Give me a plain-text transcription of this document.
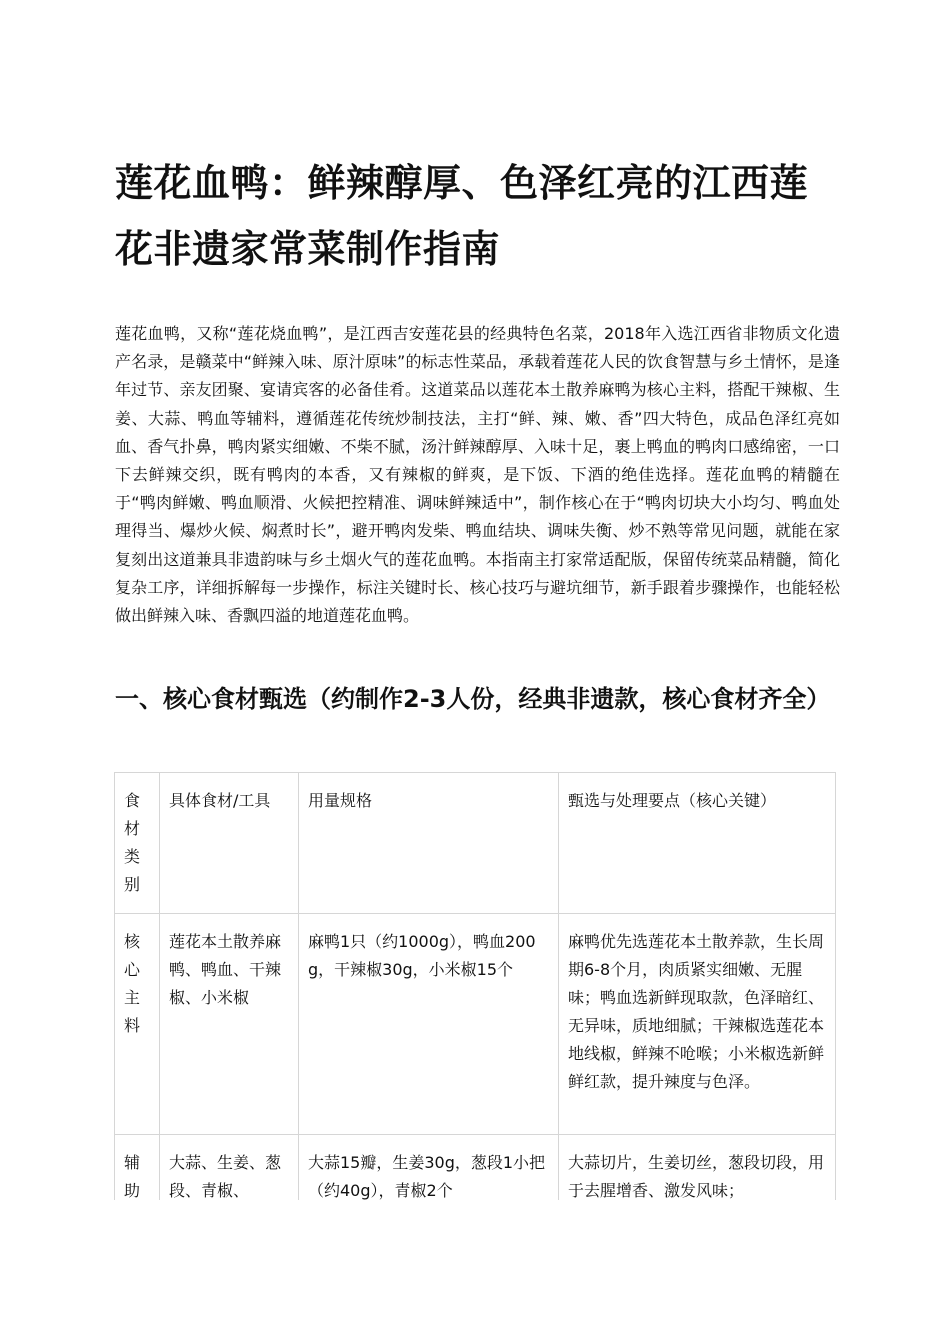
莲花血鸭：鲜辣醇厚、色泽红亮的江西莲花非遗家常菜制作指南

莲花血鸭，又称“莲花烧血鸭”，是江西吉安莲花县的经典特色名菜，2018年入选江西省非物质文化遗产名录，是赣菜中“鲜辣入味、原汁原味”的标志性菜品，承载着莲花人民的饮食智慧与乡土情怀，是逢年过节、亲友团聚、宴请宾客的必备佳肴。这道菜品以莲花本土散养麻鸭为核心主料，搭配干辣椒、生姜、大蒜、鸭血等辅料，遵循莲花传统炒制技法，主打“鲜、辣、嫩、香”四大特色，成品色泽红亮如血、香气扑鼻，鸭肉紧实细嫩、不柴不腻，汤汁鲜辣醇厚、入味十足，裹上鸭血的鸭肉口感绵密，一口下去鲜辣交织，既有鸭肉的本香，又有辣椒的鲜爽，是下饭、下酒的绝佳选择。莲花血鸭的精髓在于“鸭肉鲜嫩、鸭血顺滑、火候把控精准、调味鲜辣适中”，制作核心在于“鸭肉切块大小均匀、鸭血处理得当、爆炒火候、焖煮时长”，避开鸭肉发柴、鸭血结块、调味失衡、炒不熟等常见问题，就能在家复刻出这道兼具非遗韵味与乡土烟火气的莲花血鸭。本指南主打家常适配版，保留传统菜品精髓，简化复杂工序，详细拆解每一步操作，标注关键时长、核心技巧与避坑细节，新手跟着步骤操作，也能轻松做出鲜辣入味、香飘四溢的地道莲花血鸭。

一、核心食材甄选（约制作2-3人份，经典非遗款，核心食材齐全）
食材类别	具体食材/工具	用量规格	甄选与处理要点（核心关键）
核心主料	莲花本土散养麻鸭、鸭血、干辣椒、小米椒	麻鸭1只（约1000g），鸭血200g，干辣椒30g，小米椒15个	麻鸭优先选莲花本土散养款，生长周期6-8个月，肉质紧实细嫩、无腥味；鸭血选新鲜现取款，色泽暗红、无异味，质地细腻；干辣椒选莲花本地线椒，鲜辣不呛喉；小米椒选新鲜鲜红款，提升辣度与色泽。
辅助	大蒜、生姜、葱段、青椒、	大蒜15瓣，生姜30g，葱段1小把（约40g），青椒2个	大蒜切片，生姜切丝，葱段切段，用于去腥增香、激发风味；
